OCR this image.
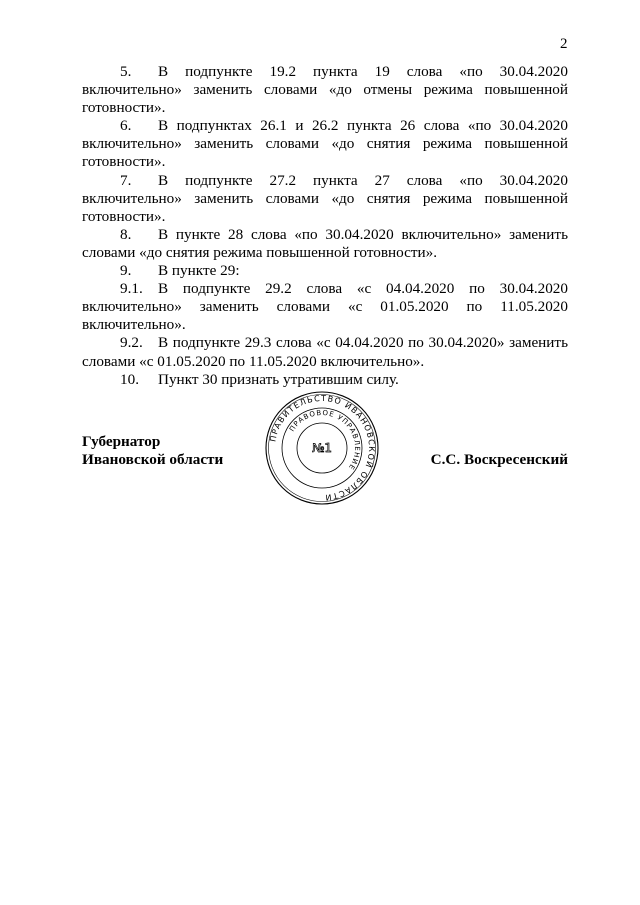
2

5. В подпункте 19.2 пункта 19 слова «по 30.04.2020 включительно» заменить словами «до отмены режима повышенной готовности».

6. В подпунктах 26.1 и 26.2 пункта 26 слова «по 30.04.2020 включительно» заменить словами «до снятия режима повышенной готовности».

7. В подпункте 27.2 пункта 27 слова «по 30.04.2020 включительно» заменить словами «до снятия режима повышенной готовности».

8. В пункте 28 слова «по 30.04.2020 включительно» заменить словами «до снятия режима повышенной готовности».

9. В пункте 29:

9.1. В подпункте 29.2 слова «с 04.04.2020 по 30.04.2020 включительно» заменить словами «с 01.05.2020 по 11.05.2020 включительно».

9.2. В подпункте 29.3 слова «с 04.04.2020 по 30.04.2020» заменить словами «с 01.05.2020 по 11.05.2020 включительно».

10. Пункт 30 признать утратившим силу.

ПРАВИТЕЛЬСТВО ИВАНОВСКОЙ ОБЛАСТИ
ПРАВОВОЕ УПРАВЛЕНИЕ
№1
Губернатор
Ивановской области	С.С. Воскресенский
